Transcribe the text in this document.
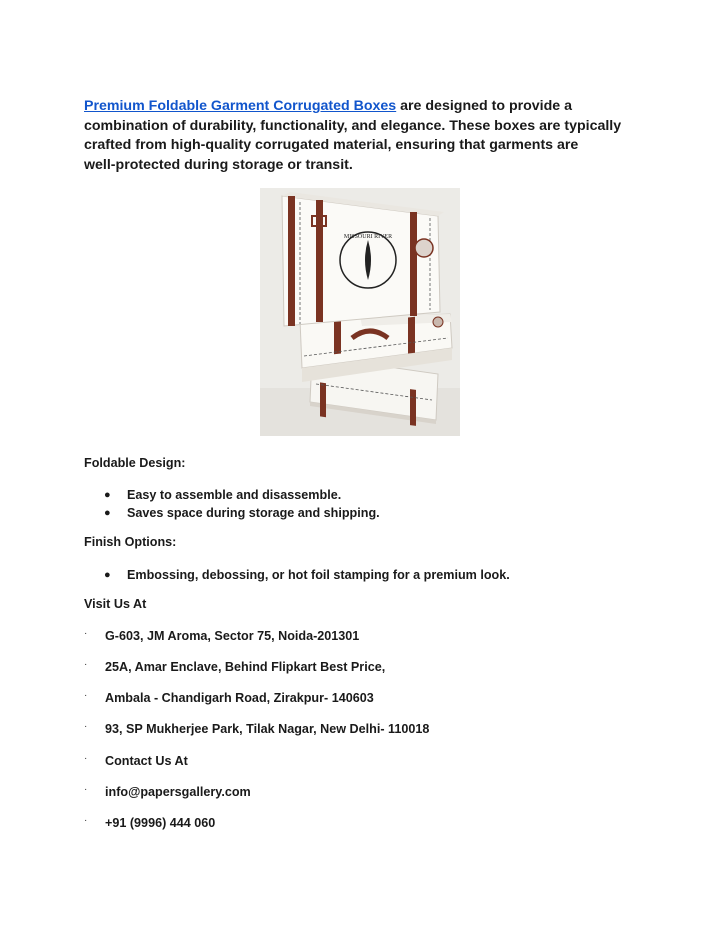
Premium Foldable Garment Corrugated Boxes are designed to provide a
combination of durability, functionality, and elegance. These boxes are typically
crafted from high-quality corrugated material, ensuring that garments are
well-protected during storage or transit.

MISSOURI RIVER

Foldable Design:

● Easy to assemble and disassemble.
● Saves space during storage and shipping.

Finish Options:

● Embossing, debossing, or hot foil stamping for a premium look.

Visit Us At

· G-603, JM Aroma, Sector 75, Noida-201301
· 25A, Amar Enclave, Behind Flipkart Best Price,
· Ambala - Chandigarh Road, Zirakpur- 140603
· 93, SP Mukherjee Park, Tilak Nagar, New Delhi- 110018
· Contact Us At
· info@papersgallery.com
· +91 (9996) 444 060
